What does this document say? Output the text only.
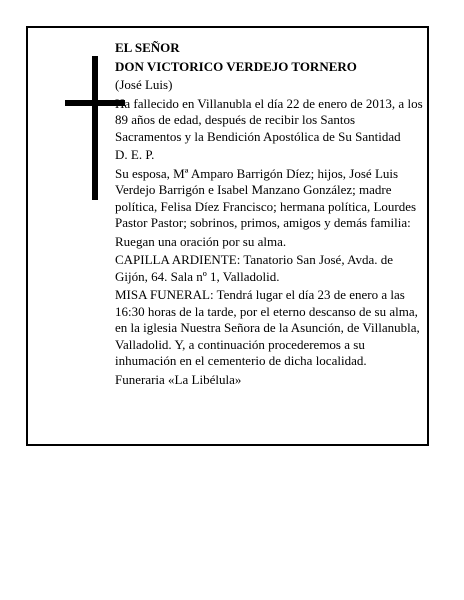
EL SEÑOR

DON VICTORICO VERDEJO TORNERO

(José Luis)

Ha fallecido en Villanubla el día 22 de enero de 2013, a los 89 años de edad, después de recibir los Santos Sacramentos y la Bendición Apostólica de Su Santidad

D. E. P.

Su esposa, Mª Amparo Barrigón Díez; hijos, José Luis Verdejo Barrigón e Isabel Manzano González; madre política, Felisa Díez Francisco; hermana política, Lourdes Pastor Pastor; sobrinos, primos, amigos y demás familia:

Ruegan una oración por su alma.

CAPILLA ARDIENTE: Tanatorio San José, Avda. de Gijón, 64. Sala nº 1, Valladolid.

MISA FUNERAL: Tendrá lugar el día 23 de enero a las 16:30 horas de la tarde, por el eterno descanso de su alma, en la iglesia Nuestra Señora de la Asunción, de Villanubla, Valladolid. Y, a continuación procederemos a su inhumación en el cementerio de dicha localidad.

Funeraria «La Libélula»
